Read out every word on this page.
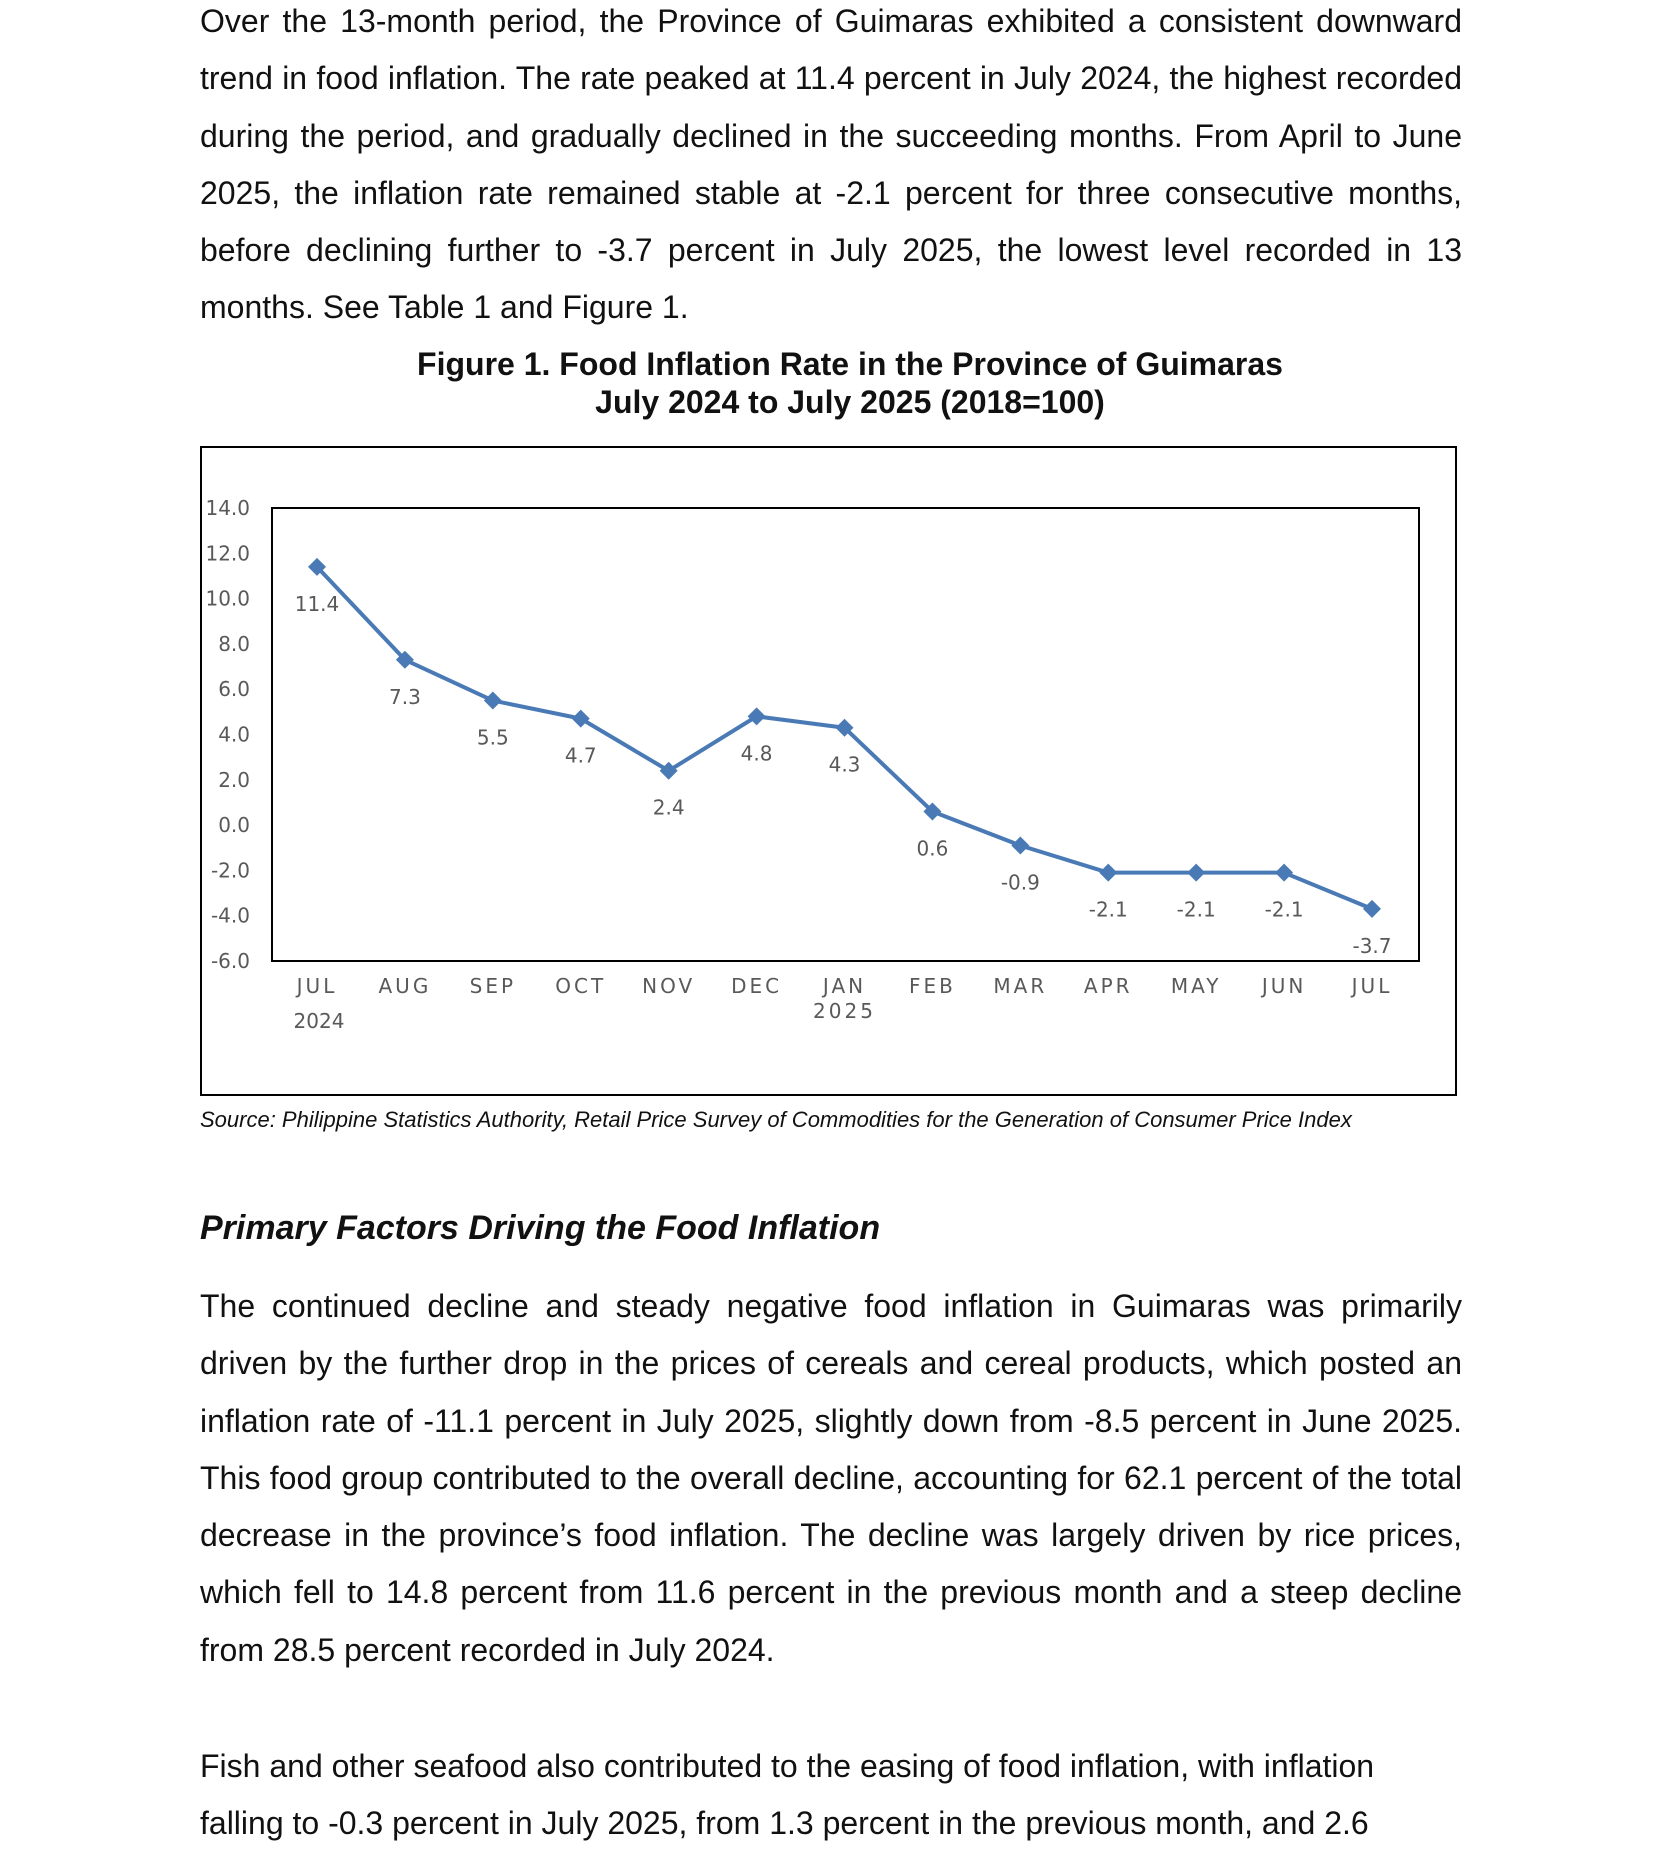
Over the 13-month period, the Province of Guimaras exhibited a consistent downward trend in food inflation. The rate peaked at 11.4 percent in July 2024, the highest recorded during the period, and gradually declined in the succeeding months. From April to June 2025, the inflation rate remained stable at -2.1 percent for three consecutive months, before declining further to -3.7 percent in July 2025, the lowest level recorded in 13 months. See Table 1 and Figure 1.

Figure 1. Food Inflation Rate in the Province of Guimaras
July 2024 to July 2025 (2018=100)
14.0
12.0
10.0
8.0
6.0
4.0
2.0
0.0
-2.0
-4.0
-6.0
JUL AUG SEP OCT NOV DEC JAN FEB MAR APR MAY JUN JUL
2024	2025
11.4
7.3
5.5
4.7
2.4
4.8	4.3
0.6
-0.9
-2.1 -2.1 -2.1
-3.7
Source: Philippine Statistics Authority, Retail Price Survey of Commodities for the Generation of Consumer Price Index
Primary Factors Driving the Food Inflation

The continued decline and steady negative food inflation in Guimaras was primarily driven by the further drop in the prices of cereals and cereal products, which posted an inflation rate of -11.1 percent in July 2025, slightly down from -8.5 percent in June 2025. This food group contributed to the overall decline, accounting for 62.1 percent of the total decrease in the province’s food inflation. The decline was largely driven by rice prices, which fell to 14.8 percent from 11.6 percent in the previous month and a steep decline from 28.5 percent recorded in July 2024.

Fish and other seafood also contributed to the easing of food inflation, with inflation falling to -0.3 percent in July 2025, from 1.3 percent in the previous month, and 2.6
